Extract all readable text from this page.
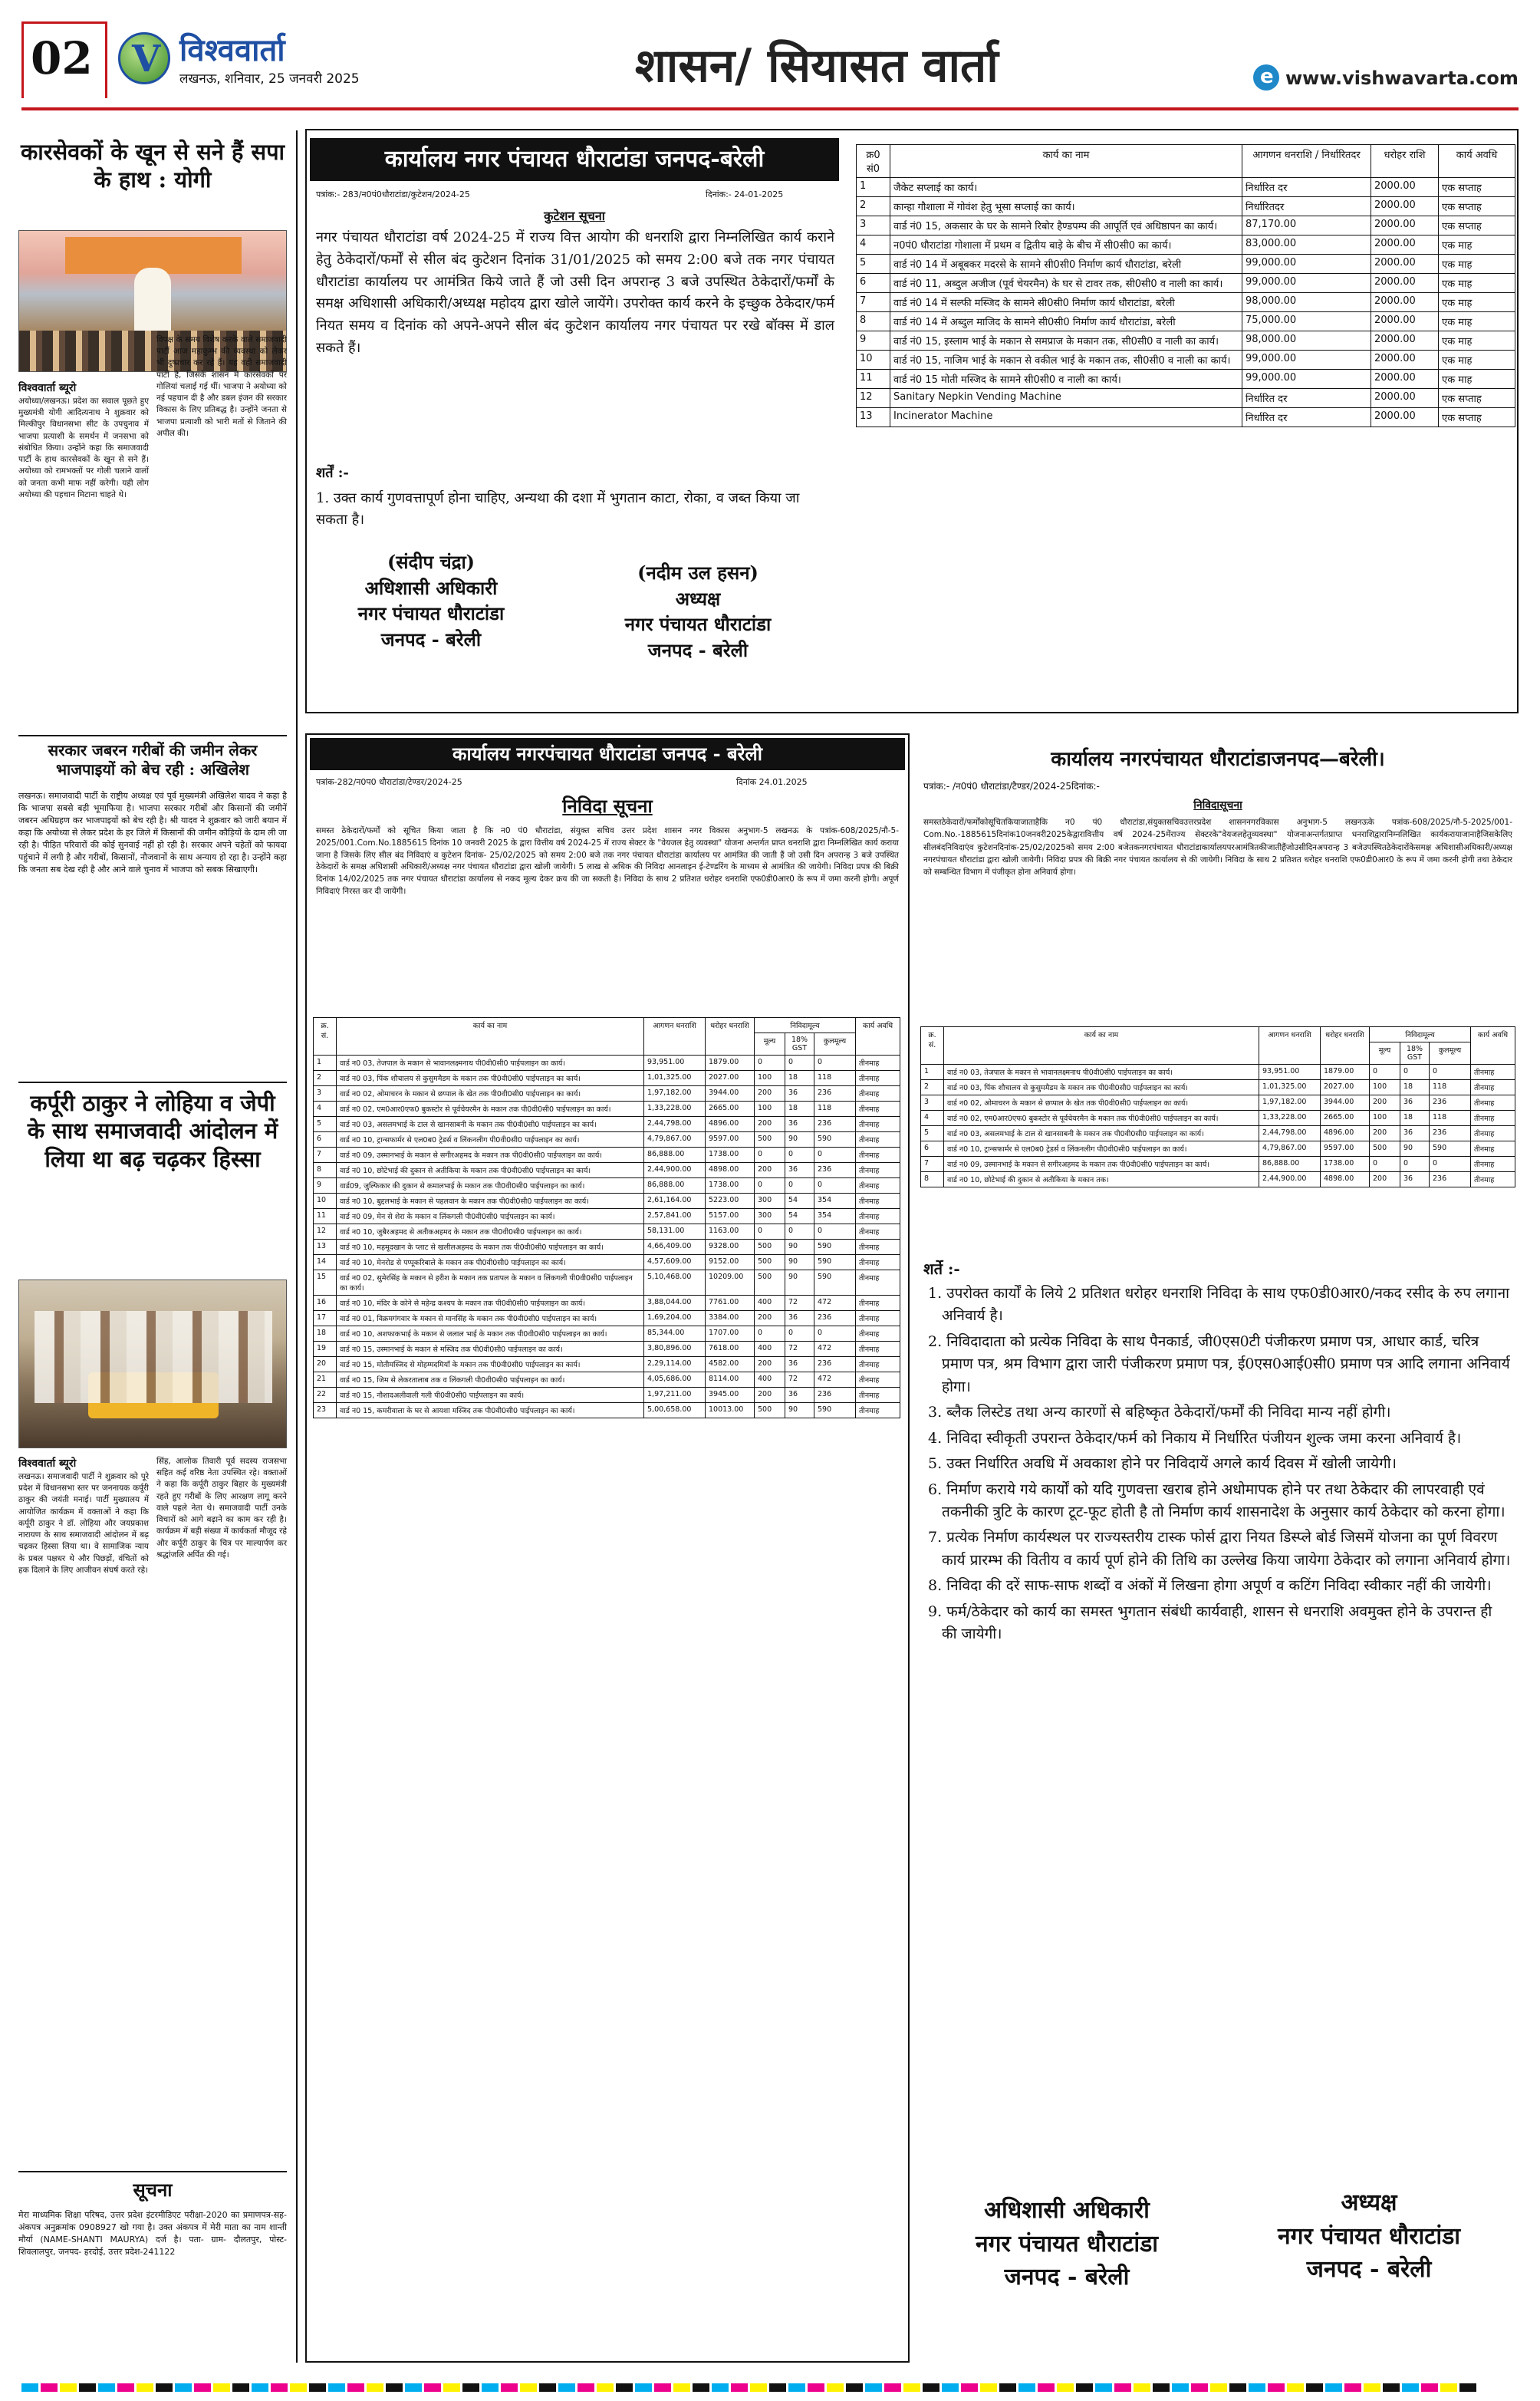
02 V विश्ववार्ता
लखनऊ, शनिवार, 25 जनवरी 2025	शासन/ सियासत वार्ता	e www.vishwavarta.com
कारसेवकों के खून से सने हैं सपा के हाथ : योगी
विश्ववार्ता ब्यूरो
अयोध्या/लखनऊ। प्रदेश का सवाल पूछते हुए मुख्यमंत्री योगी आदित्यनाथ ने शुक्रवार को मिल्कीपुर विधानसभा सीट के उपचुनाव में भाजपा प्रत्याशी के समर्थन में जनसभा को संबोधित किया। उन्होंने कहा कि समाजवादी पार्टी के हाथ कारसेवकों के खून से सने हैं। अयोध्या को रामभक्तों पर गोली चलाने वालों को जनता कभी माफ नहीं करेगी। यही लोग अयोध्या की पहचान मिटाना चाहते थे।
विपक्ष के समय विशेष करके वाले समाजवादी पार्टी आज महाकुम्भ की व्यवस्था को लेकर भी दुष्प्रचार कर रहे हैं। यह वही समाजवादी पार्टी है, जिसके शासन में कारसेवकों पर गोलियां चलाई गई थीं। भाजपा ने अयोध्या को नई पहचान दी है और डबल इंजन की सरकार विकास के लिए प्रतिबद्ध है। उन्होंने जनता से भाजपा प्रत्याशी को भारी मतों से जिताने की अपील की।
सरकार जबरन गरीबों की जमीन लेकर भाजपाइयों को बेच रही : अखिलेश
लखनऊ। समाजवादी पार्टी के राष्ट्रीय अध्यक्ष एवं पूर्व मुख्यमंत्री अखिलेश यादव ने कहा है कि भाजपा सबसे बड़ी भूमाफिया है। भाजपा सरकार गरीबों और किसानों की जमीनें जबरन अधिग्रहण कर भाजपाइयों को बेच रही है। श्री यादव ने शुक्रवार को जारी बयान में कहा कि अयोध्या से लेकर प्रदेश के हर जिले में किसानों की जमीन कौड़ियों के दाम ली जा रही है। पीड़ित परिवारों की कोई सुनवाई नहीं हो रही है। सरकार अपने चहेतों को फायदा पहुंचाने में लगी है और गरीबों, किसानों, नौजवानों के साथ अन्याय हो रहा है। उन्होंने कहा कि जनता सब देख रही है और आने वाले चुनाव में भाजपा को सबक सिखाएगी।
कर्पूरी ठाकुर ने लोहिया व जेपी के साथ समाजवादी आंदोलन में लिया था बढ़ चढ़कर हिस्सा
विश्ववार्ता ब्यूरो
लखनऊ। समाजवादी पार्टी ने शुक्रवार को पूरे प्रदेश में विधानसभा स्तर पर जननायक कर्पूरी ठाकुर की जयंती मनाई। पार्टी मुख्यालय में आयोजित कार्यक्रम में वक्ताओं ने कहा कि कर्पूरी ठाकुर ने डॉ. लोहिया और जयप्रकाश नारायण के साथ समाजवादी आंदोलन में बढ़ चढ़कर हिस्सा लिया था। वे सामाजिक न्याय के प्रबल पक्षधर थे और पिछड़ों, वंचितों को हक दिलाने के लिए आजीवन संघर्ष करते रहे।
सिंह, आलोक तिवारी पूर्व सदस्य राजसभा सहित कई वरिष्ठ नेता उपस्थित रहे। वक्ताओं ने कहा कि कर्पूरी ठाकुर बिहार के मुख्यमंत्री रहते हुए गरीबों के लिए आरक्षण लागू करने वाले पहले नेता थे। समाजवादी पार्टी उनके विचारों को आगे बढ़ाने का काम कर रही है। कार्यक्रम में बड़ी संख्या में कार्यकर्ता मौजूद रहे और कर्पूरी ठाकुर के चित्र पर माल्यार्पण कर श्रद्धांजलि अर्पित की गई।
सूचना
मेरा माध्यमिक शिक्षा परिषद, उत्तर प्रदेश इंटरमीडिएट परीक्षा-2020 का प्रमाणपत्र-सह-अंकपत्र अनुक्रमांक 0908927 खो गया है। उक्त अंकपत्र में मेरी माता का नाम शान्ती मौर्या (NAME-SHANTI MAURYA) दर्ज है। पता- ग्राम- दौलतपुर, पोस्ट- शिवलालपुर, जनपद- हरदोई, उत्तर प्रदेश-241122
कार्यालय नगर पंचायत धौराटांडा जनपद-बरेली
पत्रांक:- 283/न0पं0धौराटांडा/कुटेशन/2024-25	दिनांक:- 24-01-2025
कुटेशन सूचना
नगर पंचायत धौराटांडा वर्ष 2024-25 में राज्य वित्त आयोग की धनराशि द्वारा निम्नलिखित कार्य कराने हेतु ठेकेदारों/फर्मों से सील बंद कुटेशन दिनांक 31/01/2025 को समय 2:00 बजे तक नगर पंचायत धौराटांडा कार्यालय पर आमंत्रित किये जाते हैं जो उसी दिन अपरान्ह 3 बजे उपस्थित ठेकेदारों/फर्मों के समक्ष अधिशासी अधिकारी/अध्यक्ष महोदय द्वारा खोले जायेंगे। उपरोक्त कार्य करने के इच्छुक ठेकेदार/फर्म नियत समय व दिनांक को अपने-अपने सील बंद कुटेशन कार्यालय नगर पंचायत पर रखे बॉक्स में डाल सकते हैं।
शर्तें :-
1. उक्त कार्य गुणवत्तापूर्ण होना चाहिए, अन्यथा की दशा में भुगतान काटा, रोका, व जब्त किया जा सकता है।
(संदीप चंद्रा)
अधिशासी अधिकारी
नगर पंचायत धौराटांडा
जनपद - बरेली
(नदीम उल हसन)
अध्यक्ष
नगर पंचायत धौराटांडा
जनपद - बरेली
क्र0 सं0	कार्य का नाम	आगणन धनराशि / निर्धारितदर	धरोहर राशि	कार्य अवधि
1	जैकेट सप्लाई का कार्य।	निर्धारित दर	2000.00	एक सप्ताह
2	कान्हा गौशाला में गोवंश हेतु भूसा सप्लाई का कार्य।	निर्धारितदर	2000.00	एक सप्ताह
3	वार्ड नं0 15, अकसार के घर के सामने रिबोर हैण्डपम्प की आपूर्ति एवं अधिष्ठापन का कार्य।	87,170.00	2000.00	एक सप्ताह
4	न0पं0 धौराटांडा गोशाला में प्रथम व द्वितीय बाड़े के बीच में सी0सी0 का कार्य।	83,000.00	2000.00	एक माह
5	वार्ड नं0 14 में अबूबकर मदरसे के सामने सी0सी0 निर्माण कार्य धौराटांडा, बरेली	99,000.00	2000.00	एक माह
6	वार्ड नं0 11, अब्दुल अजीज (पूर्व चेयरमैन) के घर से टावर तक, सी0सी0 व नाली का कार्य।	99,000.00	2000.00	एक माह
7	वार्ड नं0 14 में सल्फी मस्जिद के सामने सी0सी0 निर्माण कार्य धौराटांडा, बरेली	98,000.00	2000.00	एक माह
8	वार्ड नं0 14 में अब्दुल माजिद के सामने सी0सी0 निर्माण कार्य धौराटांडा, बरेली	75,000.00	2000.00	एक माह
9	वार्ड नं0 15, इस्लाम भाई के मकान से समप्राज के मकान तक, सी0सी0 व नाली का कार्य।	98,000.00	2000.00	एक माह
10	वार्ड नं0 15, नाजिम भाई के मकान से वकील भाई के मकान तक, सी0सी0 व नाली का कार्य।	99,000.00	2000.00	एक माह
11	वार्ड नं0 15 मोती मस्जिद के सामने सी0सी0 व नाली का कार्य।	99,000.00	2000.00	एक माह
12	Sanitary Nepkin Vending Machine	निर्धारित दर	2000.00	एक सप्ताह
13	Incinerator Machine	निर्धारित दर	2000.00	एक सप्ताह
कार्यालय नगरपंचायत धौराटांडा जनपद - बरेली
पत्रांक-282/न0प0 धौराटांडा/टेण्डर/2024-25	दिनांक 24.01.2025
निविदा सूचना
समस्त ठेकेदारों/फर्मों को सूचित किया जाता है कि न0 पं0 धौराटांडा, संयुक्त सचिव उत्तर प्रदेश शासन नगर विकास अनुभाग-5 लखनऊ के पत्रांक-608/2025/नौ-5-2025/001.Com.No.1885615 दिनांक 10 जनवरी 2025 के द्वारा वित्तीय वर्ष 2024-25 में राज्य सेक्टर के "वेयजल हेतु व्यवस्था" योजना अन्तर्गत प्राप्त धनराशि द्वारा निम्नलिखित कार्य कराया जाना है जिसके लिए सील बंद निविदाएं व कुटेशन दिनांक- 25/02/2025 को समय 2:00 बजे तक नगर पंचायत धौराटांडा कार्यालय पर आमंत्रित की जाती हैं जो उसी दिन अपरान्ह 3 बजे उपस्थित ठेकेदारों के समक्ष अधिशासी अधिकारी/अध्यक्ष नगर पंचायत धौराटांडा द्वारा खोली जायेगी। 5 लाख से अधिक की निविदा आनलाइन ई-टेण्डरिंग के माध्यम से आमंत्रित की जायेगी। निविदा प्रपत्र की बिक्री दिनांक 14/02/2025 तक नगर पंचायत धौराटांडा कार्यालय से नकद मूल्य देकर क्रय की जा सकती है। निविदा के साथ 2 प्रतिशत धरोहर धनराशि एफ0डी0आर0 के रूप में जमा करनी होगी। अपूर्ण निविदाएं निरस्त कर दी जायेंगी।
क्र. सं.	कार्य का नाम	आगणन धनराशि	धरोहर धनराशि	निविदामूल्य			कार्य अवधि
				मूल्य	18% GST	कुलमूल्य	
1	वार्ड न0 03, तेजपाल के मकान से भावानलक्ष्मनाथ पी0वी0सी0 पाईपलाइन का कार्य।	93,951.00	1879.00	0	0	0	तीनमाह
2	वार्ड न0 03, पिंक शौचालय से कुसुममैडम के मकान तक पी0वी0सी0 पाईपलाइन का कार्य।	1,01,325.00	2027.00	100	18	118	तीनमाह
3	वार्ड न0 02, ओमाचरन के मकान से छप्पाल के खेत तक पी0वी0सी0 पाईपलाइन का कार्य।	1,97,182.00	3944.00	200	36	236	तीनमाह
4	वार्ड न0 02, एम0आर0एफ0 बुकस्टोर से पूर्वचेयरमैन के मकान तक पी0वी0सी0 पाईपलाइन का कार्य।	1,33,228.00	2665.00	100	18	118	तीनमाह
5	वार्ड न0 03, असलमभाई के टाल से खानसाबनी के मकान तक पी0वी0सी0 पाईपलाइन का कार्य।	2,44,798.00	4896.00	200	36	236	तीनमाह
6	वार्ड न0 10, ट्रान्सफार्मर से एल0ब0 ट्रेडर्स व लिंकनलीग पी0वी0सी0 पाईपलाइन का कार्य।	4,79,867.00	9597.00	500	90	590	तीनमाह
7	वार्ड न0 09, उस्मानभाई के मकान से सगीरअहमद के मकान तक पी0वी0सी0 पाईपलाइन का कार्य।	86,888.00	1738.00	0	0	0	तीनमाह
8	वार्ड न0 10, छोटेभाई की दुकान से अतीकिया के मकान तक पी0वी0सी0 पाईपलाइन का कार्य।	2,44,900.00	4898.00	200	36	236	तीनमाह
9	वार्ड09, जुल्फिकार की दुकान से कमालभाई के मकान तक पी0वी0सी0 पाईपलाइन का कार्य।	86,888.00	1738.00	0	0	0	तीनमाह
10	वार्ड न0 10, बुद्दलभाई के मकान से पहलवान के मकान तक पी0वी0सी0 पाईपलाइन का कार्य।	2,61,164.00	5223.00	300	54	354	तीनमाह
11	वार्ड न0 09, मेन से शेरा के मकान व लिंकगली पी0वी0सी0 पाईपलाइन का कार्य।	2,57,841.00	5157.00	300	54	354	तीनमाह
12	वार्ड न0 10, जुबैरअहमद से अतीकअहमद के मकान तक पी0वी0सी0 पाईपलाइन का कार्य।	58,131.00	1163.00	0	0	0	तीनमाह
13	वार्ड न0 10, महमूदखान के प्लाट से खलीलअहमद के मकान तक पी0वी0सी0 पाईपलाइन का कार्य।	4,66,409.00	9328.00	500	90	590	तीनमाह
14	वार्ड न0 10, मेनरोड से पप्पूकरिबाले के मकान तक पी0वी0सी0 पाईपलाइन का कार्य।	4,57,609.00	9152.00	500	90	590	तीनमाह
15	वार्ड न0 02, सुमेरसिंह के मकान से हरीश के मकान तक प्रतापल के मकान व लिंकगली पी0वी0सी0 पाईपलाइन का कार्य।	5,10,468.00	10209.00	500	90	590	तीनमाह
16	वार्ड न0 10, मंदिर के कोने से महेन्द्र कश्यप के मकान तक पी0वी0सी0 पाईपलाइन का कार्य।	3,88,044.00	7761.00	400	72	472	तीनमाह
17	वार्ड न0 01, विक्रमगंगवार के मकान से मानसिंह के मकान तक पी0वी0सी0 पाईपलाइन का कार्य।	1,69,204.00	3384.00	200	36	236	तीनमाह
18	वार्ड न0 10, अशफाकभाई के मकान से जलाल भाई के मकान तक पी0वी0सी0 पाईपलाइन का कार्य।	85,344.00	1707.00	0	0	0	तीनमाह
19	वार्ड न0 15, उस्मानभाई के मकान से मस्जिद तक पी0वी0सी0 पाईपलाइन का कार्य।	3,80,896.00	7618.00	400	72	472	तीनमाह
20	वार्ड न0 15, मोतीमस्जिद से मोहम्मदमियाँ के मकान तक पी0वी0सी0 पाईपलाइन का कार्य।	2,29,114.00	4582.00	200	36	236	तीनमाह
21	वार्ड न0 15, जिम से लेकरतालाब तक व लिंकगली पी0वी0सी0 पाईपलाइन का कार्य।	4,05,686.00	8114.00	400	72	472	तीनमाह
22	वार्ड न0 15, नौशादअलीवाली गली पी0वी0सी0 पाईपलाइन का कार्य।	1,97,211.00	3945.00	200	36	236	तीनमाह
23	वार्ड न0 15, कमरीवाला के घर से आयशा मस्जिद तक पी0वी0सी0 पाईपलाइन का कार्य।	5,00,658.00	10013.00	500	90	590	तीनमाह
कार्यालय नगरपंचायत धौराटांडाजनपद—बरेली।
पत्रांक:- /न0पं0 धौराटांडा/टैण्डर/2024-25दिनांक:-
निविदासूचना
समस्तठेकेदारों/फर्मोंकोसूचितकियाजाताहैकि न0 पं0 धौराटांडा,संयुक्तसचिवउत्तरप्रदेश शासननगरविकास अनुभाग-5 लखनऊके पत्रांक-608/2025/नौ-5-2025/001-Com.No.-1885615दिनांक10जनवरी2025केद्वारावित्तीय वर्ष 2024-25मेंराज्य सेक्टरके"वेयजलहेतुव्यवस्था" योजनाअन्तर्गतप्राप्त धनराशिद्वारानिम्नलिखित कार्यकरायाजानाहैजिसकेलिए सीलबंदनिविदाएंव कुटेशनदिनांक-25/02/2025को समय 2:00 बजेतकनगरपंचायत धौराटांडाकार्यालयपरआमंत्रितकीजातीहैंजोउसीदिनअपरान्ह 3 बजेउपस्थितठेकेदारोंकेसमक्ष अधिशासीअधिकारी/अध्यक्ष नगरपंचायत धौराटांडा द्वारा खोली जायेगी। निविदा प्रपत्र की बिक्री नगर पंचायत कार्यालय से की जायेगी। निविदा के साथ 2 प्रतिशत धरोहर धनराशि एफ0डी0आर0 के रूप में जमा करनी होगी तथा ठेकेदार को सम्बन्धित विभाग में पंजीकृत होना अनिवार्य होगा।
क्र. सं.	कार्य का नाम	आगणन धनराशि	धरोहर धनराशि	निविदामूल्य			कार्य अवधि
				मूल्य	18% GST	कुलमूल्य	
1	वार्ड न0 03, तेजपाल के मकान से भावानलक्ष्मनाथ पी0वी0सी0 पाईपलाइन का कार्य।	93,951.00	1879.00	0	0	0	तीनमाह
2	वार्ड न0 03, पिंक शौचालय से कुसुममैडम के मकान तक पी0वी0सी0 पाईपलाइन का कार्य।	1,01,325.00	2027.00	100	18	118	तीनमाह
3	वार्ड न0 02, ओमाचरन के मकान से छप्पाल के खेत तक पी0वी0सी0 पाईपलाइन का कार्य।	1,97,182.00	3944.00	200	36	236	तीनमाह
4	वार्ड न0 02, एम0आर0एफ0 बुकस्टोर से पूर्वचेयरमैन के मकान तक पी0वी0सी0 पाईपलाइन का कार्य।	1,33,228.00	2665.00	100	18	118	तीनमाह
5	वार्ड न0 03, असलमभाई के टाल से खानसाबनी के मकान तक पी0वी0सी0 पाईपलाइन का कार्य।	2,44,798.00	4896.00	200	36	236	तीनमाह
6	वार्ड न0 10, ट्रान्सफार्मर से एल0ब0 ट्रेडर्स व लिंकनलीग पी0वी0सी0 पाईपलाइन का कार्य।	4,79,867.00	9597.00	500	90	590	तीनमाह
7	वार्ड न0 09, उस्मानभाई के मकान से सगीरअहमद के मकान तक पी0वी0सी0 पाईपलाइन का कार्य।	86,888.00	1738.00	0	0	0	तीनमाह
8	वार्ड न0 10, छोटेभाई की दुकान से अतीकिया के मकान तक।	2,44,900.00	4898.00	200	36	236	तीनमाह
शर्ते :-
1. उपरोक्त कार्यों के लिये 2 प्रतिशत धरोहर धनराशि निविदा के साथ एफ0डी0आर0/नकद रसीद के रुप लगाना अनिवार्य है।
2. निविदादाता को प्रत्येक निविदा के साथ पैनकार्ड, जी0एस0टी पंजीकरण प्रमाण पत्र, आधार कार्ड, चरित्र प्रमाण पत्र, श्रम विभाग द्वारा जारी पंजीकरण प्रमाण पत्र, ई0एस0आई0सी0 प्रमाण पत्र आदि लगाना अनिवार्य होगा।
3. ब्लैक लिस्टेड तथा अन्य कारणों से बहिष्कृत ठेकेदारों/फर्मों की निविदा मान्य नहीं होगी।
4. निविदा स्वीकृती उपरान्त ठेकेदार/फर्म को निकाय में निर्धारित पंजीयन शुल्क जमा करना अनिवार्य है।
5. उक्त निर्धारित अवधि में अवकाश होने पर निविदायें अगले कार्य दिवस में खोली जायेगी।
6. निर्माण कराये गये कार्यों को यदि गुणवत्ता खराब होने अधोमापक होने पर तथा ठेकेदार की लापरवाही एवं तकनीकी त्रुटि के कारण टूट-फूट होती है तो निर्माण कार्य शासनादेश के अनुसार कार्य ठेकेदार को करना होगा।
7. प्रत्येक निर्माण कार्यस्थल पर राज्यस्तरीय टास्क फोर्स द्वारा नियत डिस्प्ले बोर्ड जिसमें योजना का पूर्ण विवरण कार्य प्रारम्भ की वितीय व कार्य पूर्ण होने की तिथि का उल्लेख किया जायेगा ठेकेदार को लगाना अनिवार्य होगा।
8. निविदा की दरें साफ-साफ शब्दों व अंकों में लिखना होगा अपूर्ण व कटिंग निविदा स्वीकार नहीं की जायेगी।
9. फर्म/ठेकेदार को कार्य का समस्त भुगतान संबंधी कार्यवाही, शासन से धनराशि अवमुक्त होने के उपरान्त ही की जायेगी।
अधिशासी अधिकारी
नगर पंचायत धौराटांडा
जनपद - बरेली
अध्यक्ष
नगर पंचायत धौराटांडा
जनपद - बरेली
